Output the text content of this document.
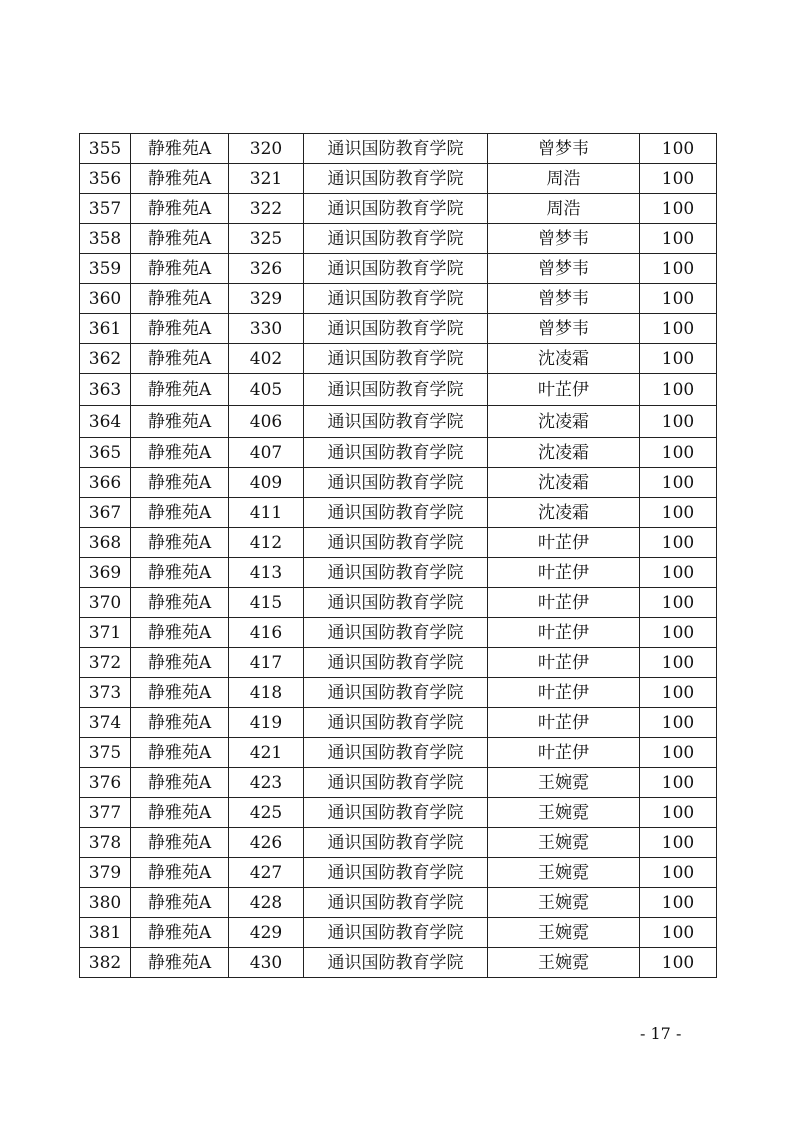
355	静雅苑A	320	通识国防教育学院	曾梦韦	100
356	静雅苑A	321	通识国防教育学院	周浩	100
357	静雅苑A	322	通识国防教育学院	周浩	100
358	静雅苑A	325	通识国防教育学院	曾梦韦	100
359	静雅苑A	326	通识国防教育学院	曾梦韦	100
360	静雅苑A	329	通识国防教育学院	曾梦韦	100
361	静雅苑A	330	通识国防教育学院	曾梦韦	100
362	静雅苑A	402	通识国防教育学院	沈凌霜	100
363	静雅苑A	405	通识国防教育学院	叶芷伊	100
364	静雅苑A	406	通识国防教育学院	沈凌霜	100
365	静雅苑A	407	通识国防教育学院	沈凌霜	100
366	静雅苑A	409	通识国防教育学院	沈凌霜	100
367	静雅苑A	411	通识国防教育学院	沈凌霜	100
368	静雅苑A	412	通识国防教育学院	叶芷伊	100
369	静雅苑A	413	通识国防教育学院	叶芷伊	100
370	静雅苑A	415	通识国防教育学院	叶芷伊	100
371	静雅苑A	416	通识国防教育学院	叶芷伊	100
372	静雅苑A	417	通识国防教育学院	叶芷伊	100
373	静雅苑A	418	通识国防教育学院	叶芷伊	100
374	静雅苑A	419	通识国防教育学院	叶芷伊	100
375	静雅苑A	421	通识国防教育学院	叶芷伊	100
376	静雅苑A	423	通识国防教育学院	王婉霓	100
377	静雅苑A	425	通识国防教育学院	王婉霓	100
378	静雅苑A	426	通识国防教育学院	王婉霓	100
379	静雅苑A	427	通识国防教育学院	王婉霓	100
380	静雅苑A	428	通识国防教育学院	王婉霓	100
381	静雅苑A	429	通识国防教育学院	王婉霓	100
382	静雅苑A	430	通识国防教育学院	王婉霓	100
- 17 -
